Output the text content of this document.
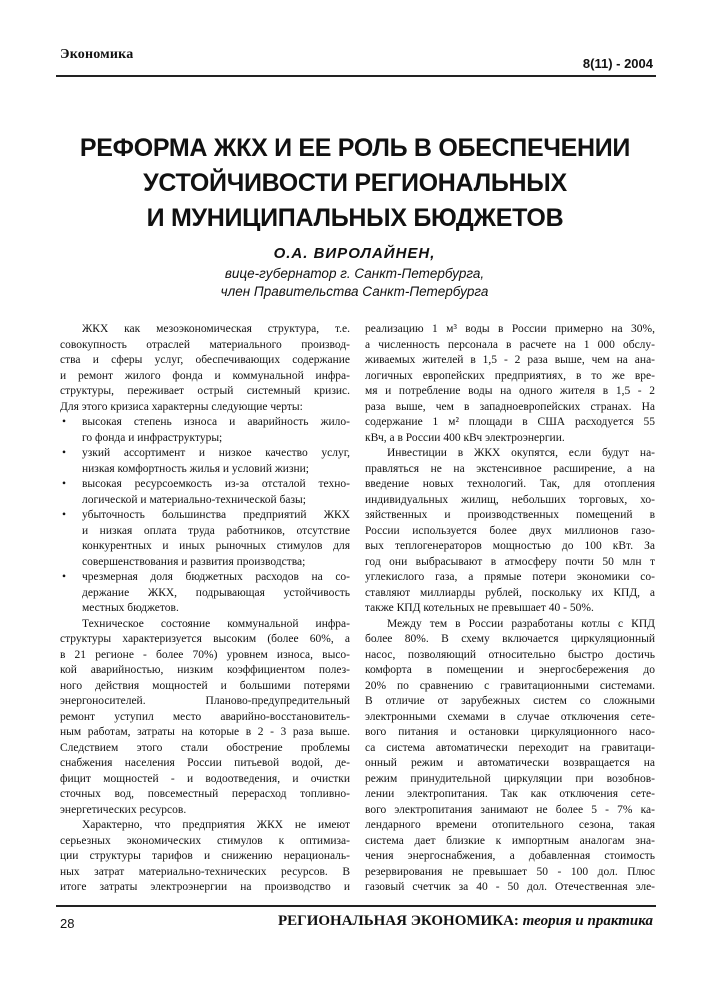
Экономика
8(11) - 2004
РЕФОРМА ЖКХ И ЕЕ РОЛЬ В ОБЕСПЕЧЕНИИ
УСТОЙЧИВОСТИ РЕГИОНАЛЬНЫХ
И МУНИЦИПАЛЬНЫХ БЮДЖЕТОВ
О.А. ВИРОЛАЙНЕН,
вице-губернатор г. Санкт-Петербурга,
член Правительства Санкт-Петербурга
ЖКХ как мезоэкономическая структура, т.е.
совокупность отраслей материального производ-
ства и сферы услуг, обеспечивающих содержание
и ремонт жилого фонда и коммунальной инфра-
структуры, переживает острый системный кризис.
Для этого кризиса характерны следующие черты:
• высокая степень износа и аварийность жило-
го фонда и инфраструктуры;
• узкий ассортимент и низкое качество услуг,
низкая комфортность жилья и условий жизни;
• высокая ресурсоемкость из-за отсталой техно-
логической и материально-технической базы;
• убыточность большинства предприятий ЖКХ
и низкая оплата труда работников, отсутствие
конкурентных и иных рыночных стимулов для
совершенствования и развития производства;
• чрезмерная доля бюджетных расходов на со-
держание ЖКХ, подрывающая устойчивость
местных бюджетов.
Техническое состояние коммунальной инфра-
структуры характеризуется высоким (более 60%, а
в 21 регионе - более 70%) уровнем износа, высо-
кой аварийностью, низким коэффициентом полез-
ного действия мощностей и большими потерями
энергоносителей. Планово-предупредительный
ремонт уступил место аварийно-восстановитель-
ным работам, затраты на которые в 2 - 3 раза выше.
Следствием этого стали обострение проблемы
снабжения населения России питьевой водой, де-
фицит мощностей - и водоотведения, и очистки
сточных вод, повсеместный перерасход топливно-
энергетических ресурсов.
Характерно, что предприятия ЖКХ не имеют
серьезных экономических стимулов к оптимиза-
ции структуры тарифов и снижению нерациональ-
ных затрат материально-технических ресурсов. В
итоге затраты электроэнергии на производство и
реализацию 1 м³ воды в России примерно на 30%,
а численность персонала в расчете на 1 000 обслу-
живаемых жителей в 1,5 - 2 раза выше, чем на ана-
логичных европейских предприятиях, в то же вре-
мя и потребление воды на одного жителя в 1,5 - 2
раза выше, чем в западноевропейских странах. На
содержание 1 м² площади в США расходуется 55
кВч, а в России 400 кВч электроэнергии.
Инвестиции в ЖКХ окупятся, если будут на-
правляться не на экстенсивное расширение, а на
введение новых технологий. Так, для отопления
индивидуальных жилищ, небольших торговых, хо-
зяйственных и производственных помещений в
России используется более двух миллионов газо-
вых теплогенераторов мощностью до 100 кВт. За
год они выбрасывают в атмосферу почти 50 млн т
углекислого газа, а прямые потери экономики со-
ставляют миллиарды рублей, поскольку их КПД, а
также КПД котельных не превышает 40 - 50%.
Между тем в России разработаны котлы с КПД
более 80%. В схему включается циркуляционный
насос, позволяющий относительно быстро достичь
комфорта в помещении и энергосбережения до
20% по сравнению с гравитационными системами.
В отличие от зарубежных систем со сложными
электронными схемами в случае отключения сете-
вого питания и остановки циркуляционного насо-
са система автоматически переходит на гравитаци-
онный режим и автоматически возвращается на
режим принудительной циркуляции при возобнов-
лении электропитания. Так как отключения сете-
вого электропитания занимают не более 5 - 7% ка-
лендарного времени отопительного сезона, такая
система дает близкие к импортным аналогам зна-
чения энергоснабжения, а добавленная стоимость
резервирования не превышает 50 - 100 дол. Плюс
газовый счетчик за 40 - 50 дол. Отечественная эле-
28	РЕГИОНАЛЬНАЯ ЭКОНОМИКА: теория и практика
